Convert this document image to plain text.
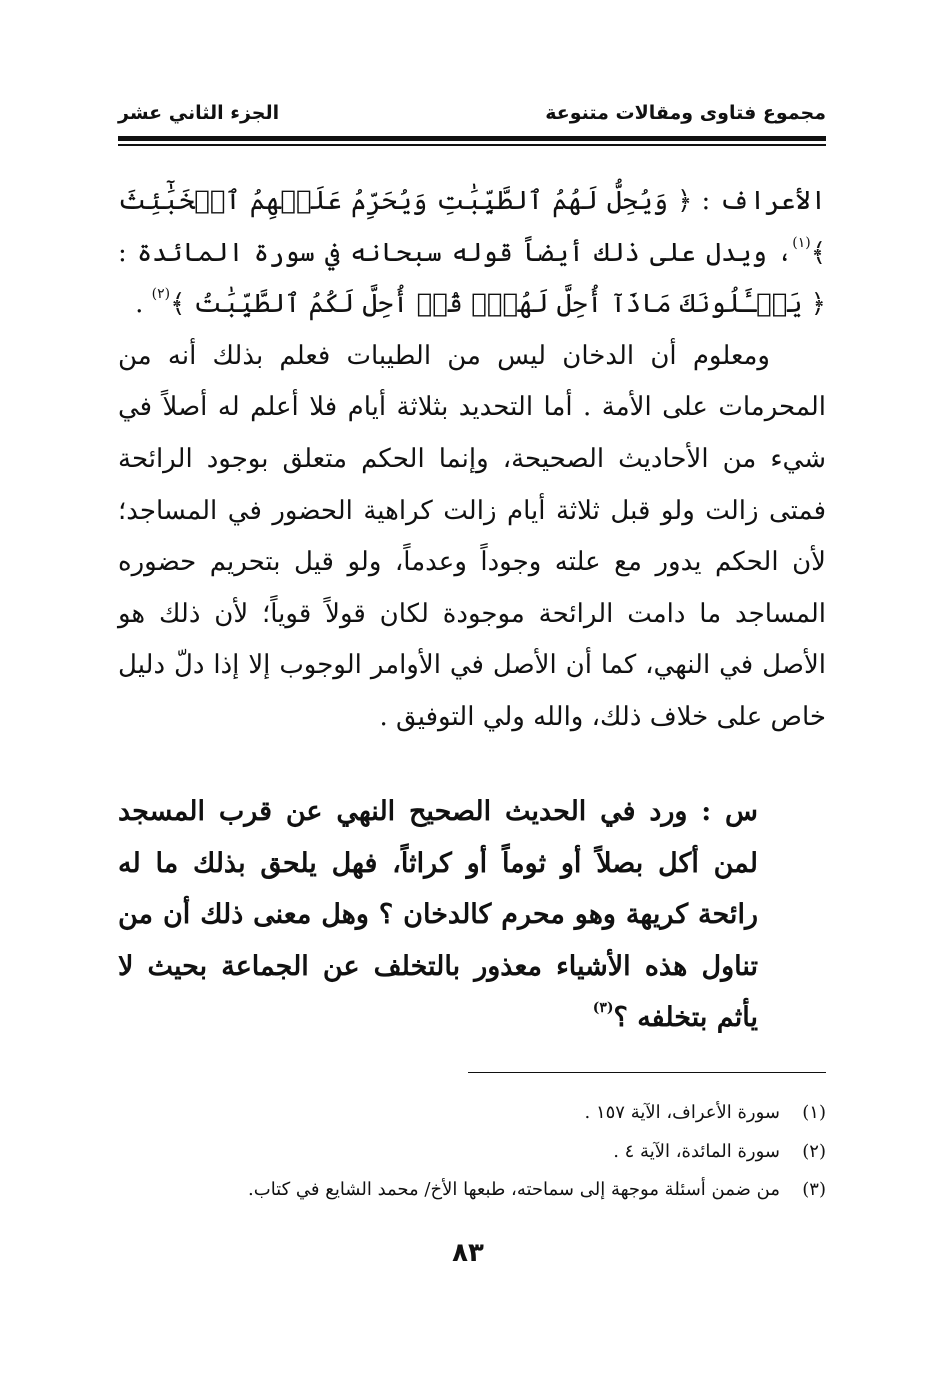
مجموع فتاوى ومقالات متنوعة
الجزء الثاني عشر

الأعراف : ﴿ وَيُحِلُّ لَهُمُ ٱلطَّيِّبَٰتِ وَيُحَرِّمُ عَلَيۡهِمُ ٱلۡخَبَٰٓئِثَ ﴾$^{(١)}$، ويدل على ذلك أيضاً قوله سبحانه في سورة المائدة : ﴿ يَسۡـَٔلُونَكَ مَاذَآ أُحِلَّ لَهُمۡۖ قُلۡ أُحِلَّ لَكُمُ ٱلطَّيِّبَٰتُ ﴾$^{(٢)}$ .

ومعلوم أن الدخان ليس من الطيبات فعلم بذلك أنه من المحرمات على الأمة . أما التحديد بثلاثة أيام فلا أعلم له أصلاً في شيء من الأحاديث الصحيحة، وإنما الحكم متعلق بوجود الرائحة فمتى زالت ولو قبل ثلاثة أيام زالت كراهية الحضور في المساجد؛ لأن الحكم يدور مع علته وجوداً وعدماً، ولو قيل بتحريم حضوره المساجد ما دامت الرائحة موجودة لكان قولاً قوياً؛ لأن ذلك هو الأصل في النهي، كما أن الأصل في الأوامر الوجوب إلا إذا دلّ دليل خاص على خلاف ذلك، والله ولي التوفيق .

س : ورد في الحديث الصحيح النهي عن قرب المسجد لمن أكل بصلاً أو ثوماً أو كراثاً، فهل يلحق بذلك ما له رائحة كريهة وهو محرم كالدخان ؟ وهل معنى ذلك أن من تناول هذه الأشياء معذور بالتخلف عن الجماعة بحيث لا يأثم بتخلفه ؟$^{(٣)}$
(١)سورة الأعراف، الآية ١٥٧ .
(٢)سورة المائدة، الآية ٤ .
(٣)من ضمن أسئلة موجهة إلى سماحته، طبعها الأخ/ محمد الشايع في كتاب.
٨٣
